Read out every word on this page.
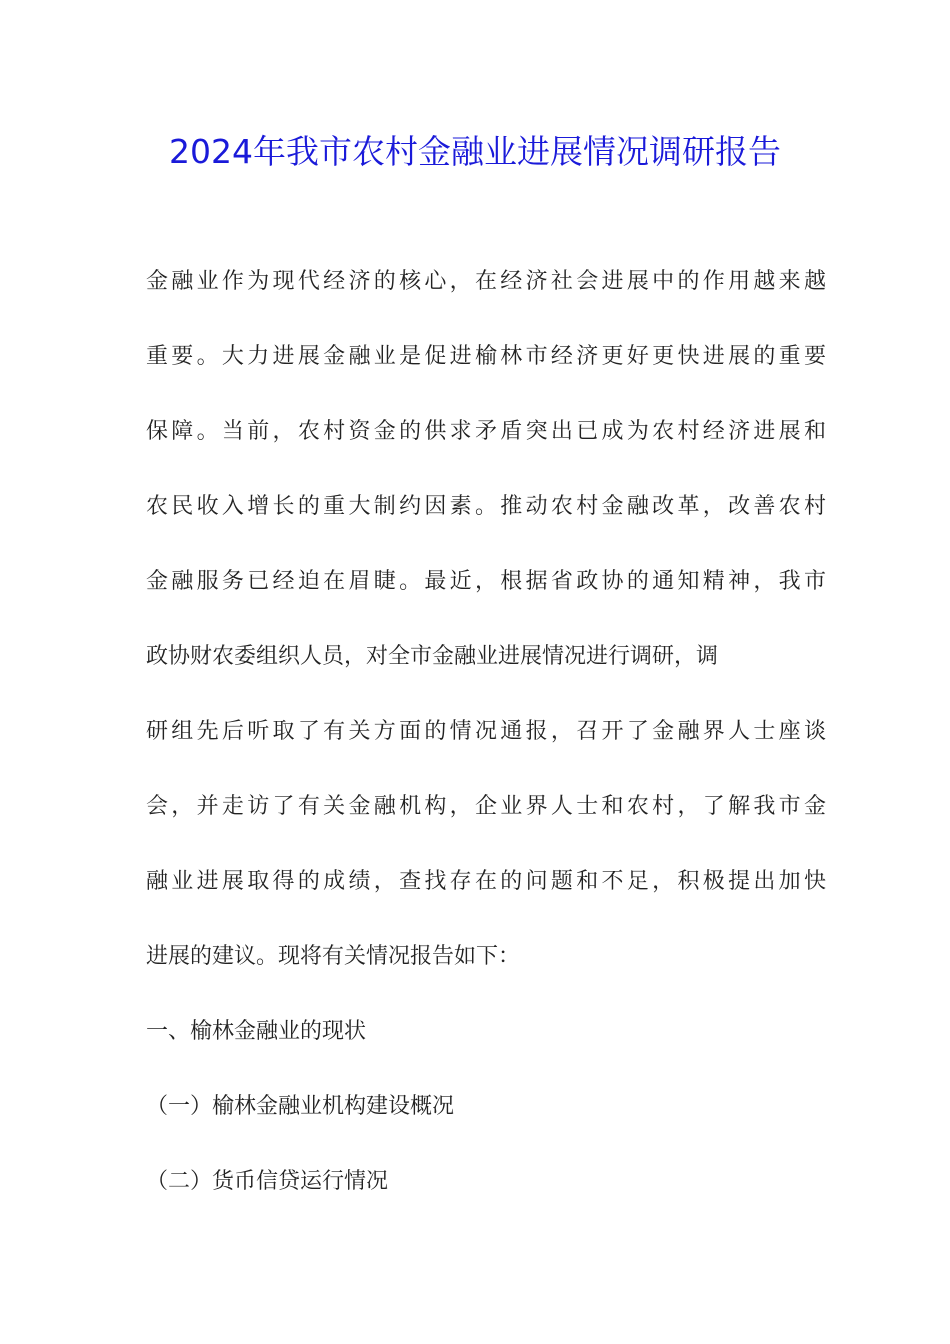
2024年我市农村金融业进展情况调研报告
金融业作为现代经济的核心，在经济社会进展中的作用越来越
重要。大力进展金融业是促进榆林市经济更好更快进展的重要
保障。当前，农村资金的供求矛盾突出已成为农村经济进展和
农民收入增长的重大制约因素。推动农村金融改革，改善农村
金融服务已经迫在眉睫。最近，根据省政协的通知精神，我市
政协财农委组织人员，对全市金融业进展情况进行调研，调
研组先后听取了有关方面的情况通报，召开了金融界人士座谈
会，并走访了有关金融机构，企业界人士和农村，了解我市金
融业进展取得的成绩，查找存在的问题和不足，积极提出加快
进展的建议。现将有关情况报告如下：
一、榆林金融业的现状
（一）榆林金融业机构建设概况
（二）货币信贷运行情况
